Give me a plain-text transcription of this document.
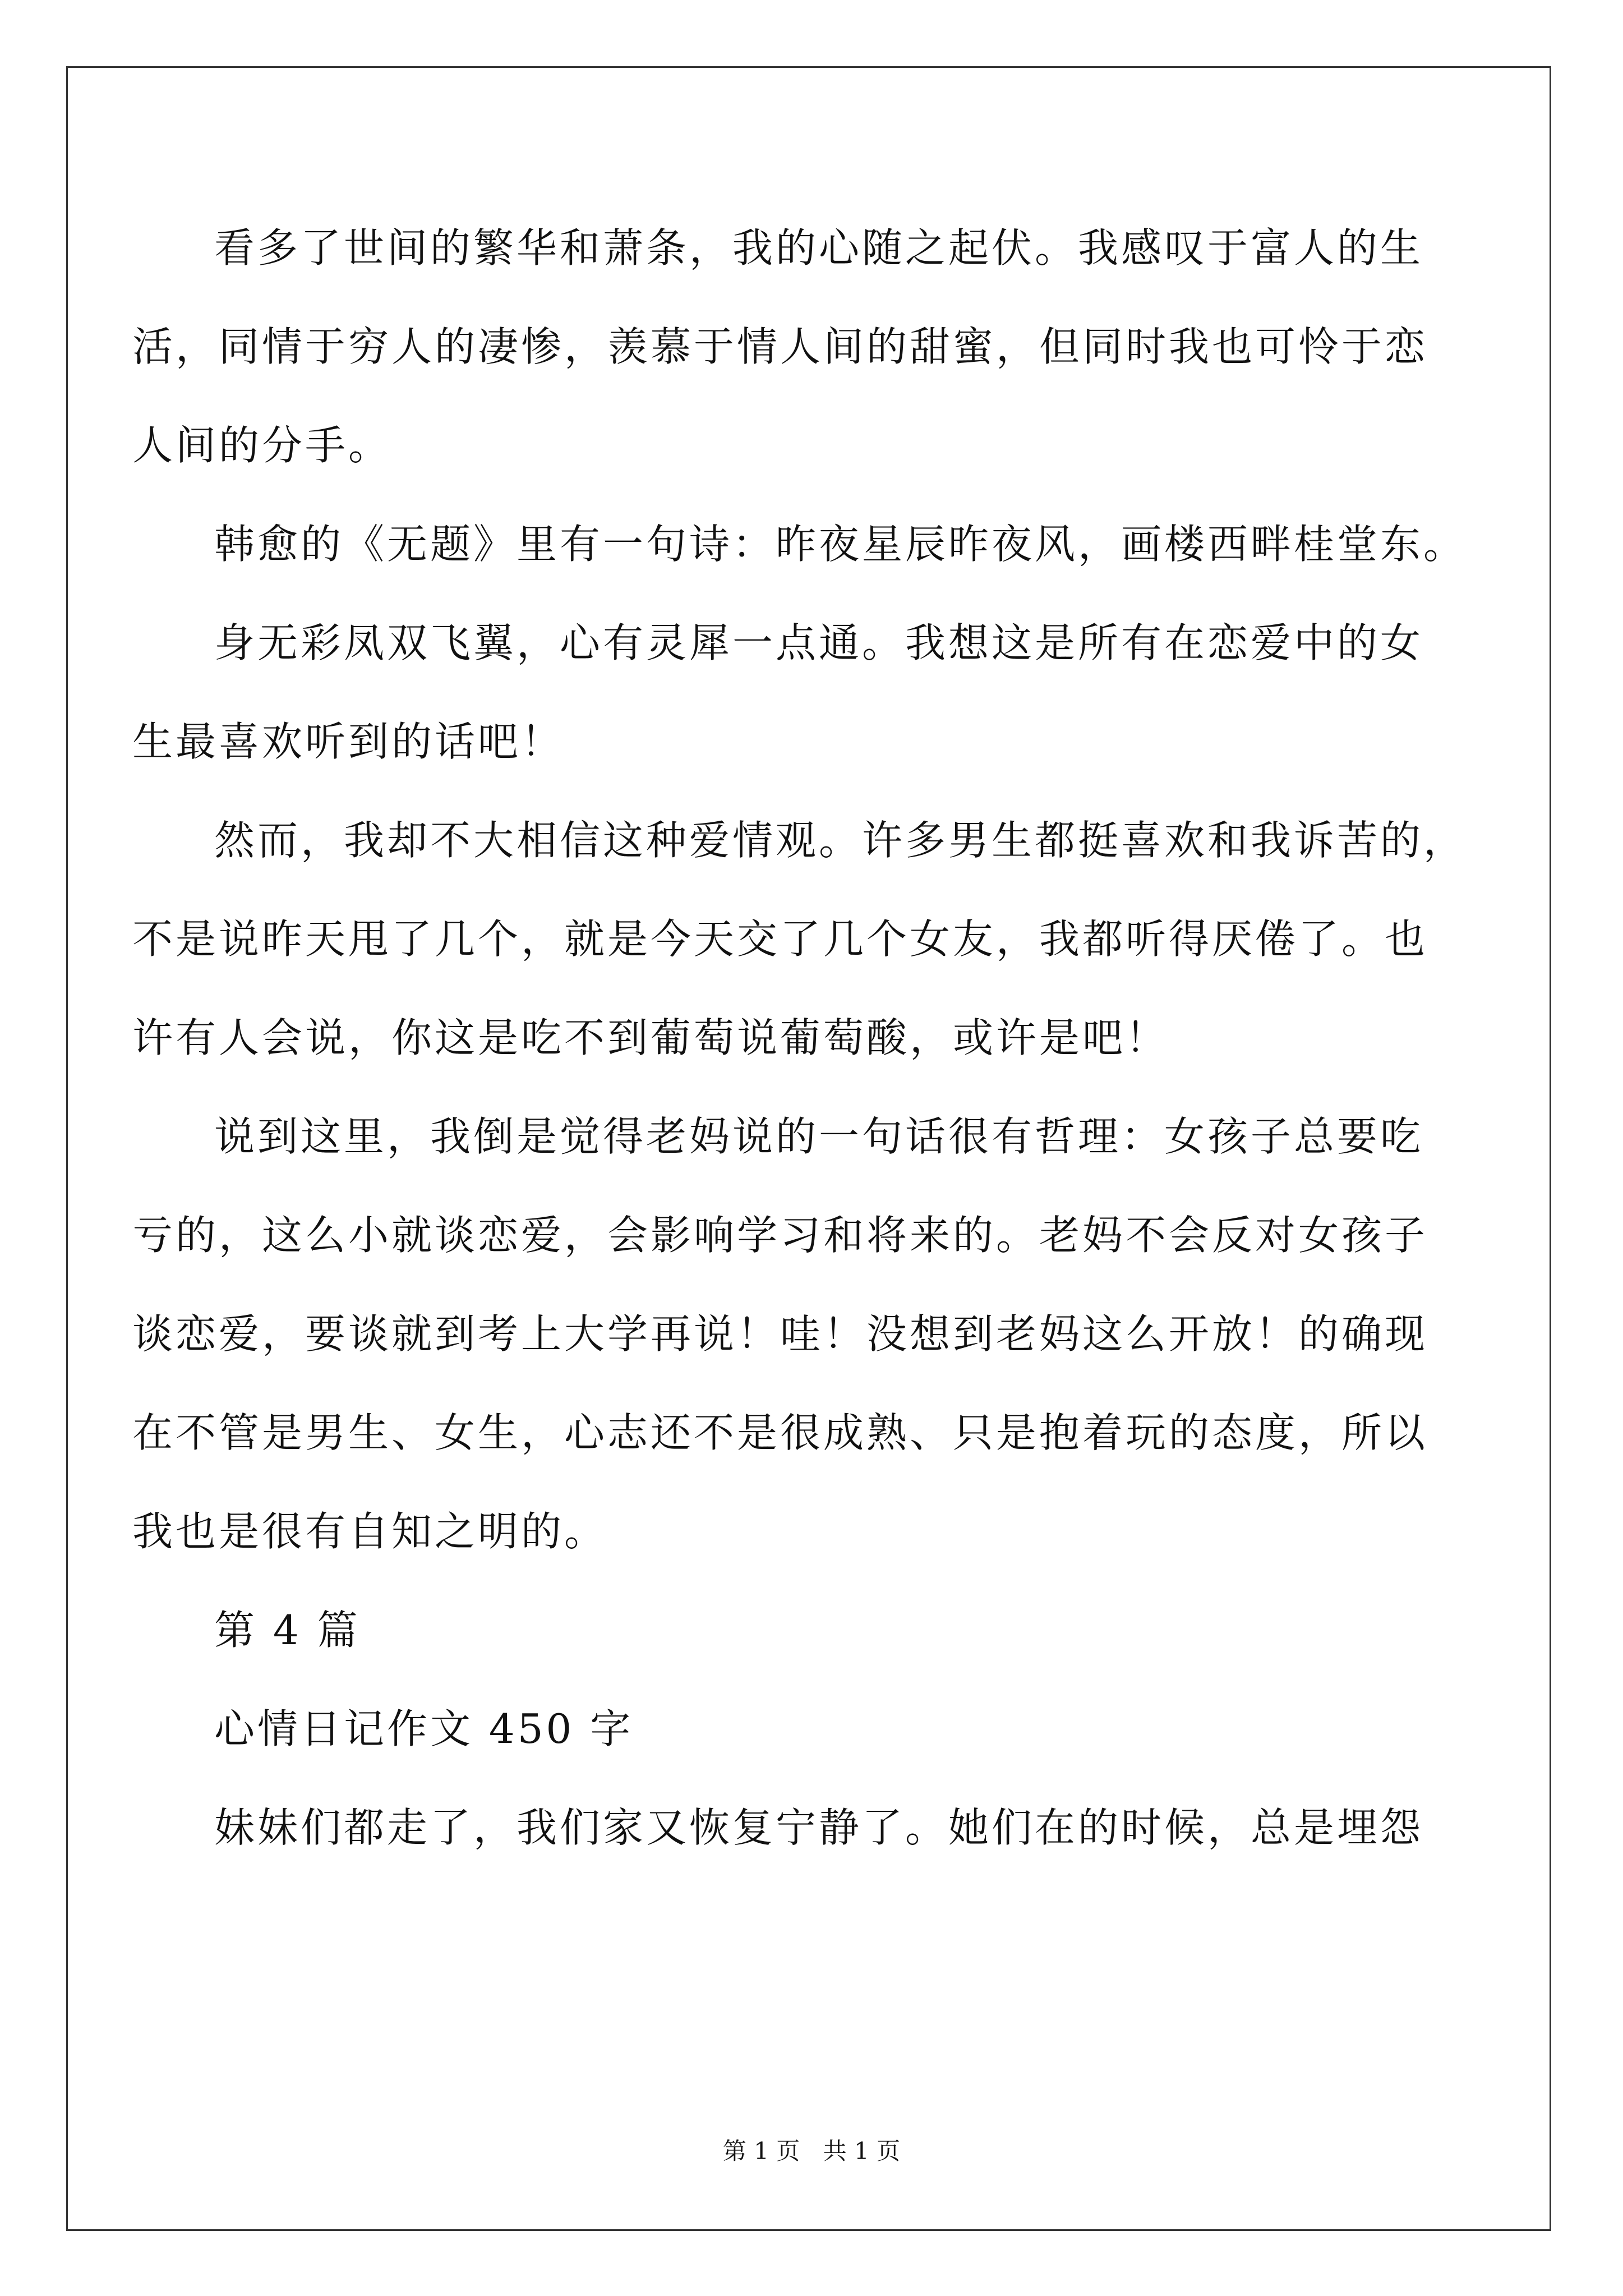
看多了世间的繁华和萧条，我的心随之起伏。我感叹于富人的生
活，同情于穷人的凄惨，羡慕于情人间的甜蜜，但同时我也可怜于恋
人间的分手。
韩愈的《无题》里有一句诗：昨夜星辰昨夜风，画楼西畔桂堂东。
身无彩凤双飞翼，心有灵犀一点通。我想这是所有在恋爱中的女
生最喜欢听到的话吧！
然而，我却不大相信这种爱情观。许多男生都挺喜欢和我诉苦的，
不是说昨天甩了几个，就是今天交了几个女友，我都听得厌倦了。也
许有人会说，你这是吃不到葡萄说葡萄酸，或许是吧！
说到这里，我倒是觉得老妈说的一句话很有哲理：女孩子总要吃
亏的，这么小就谈恋爱，会影响学习和将来的。老妈不会反对女孩子
谈恋爱，要谈就到考上大学再说！哇！没想到老妈这么开放！的确现
在不管是男生、女生，心志还不是很成熟、只是抱着玩的态度，所以
我也是很有自知之明的。
第 4 篇
心情日记作文 450 字
妹妹们都走了，我们家又恢复宁静了。她们在的时候，总是埋怨
第 1 页 共 1 页
